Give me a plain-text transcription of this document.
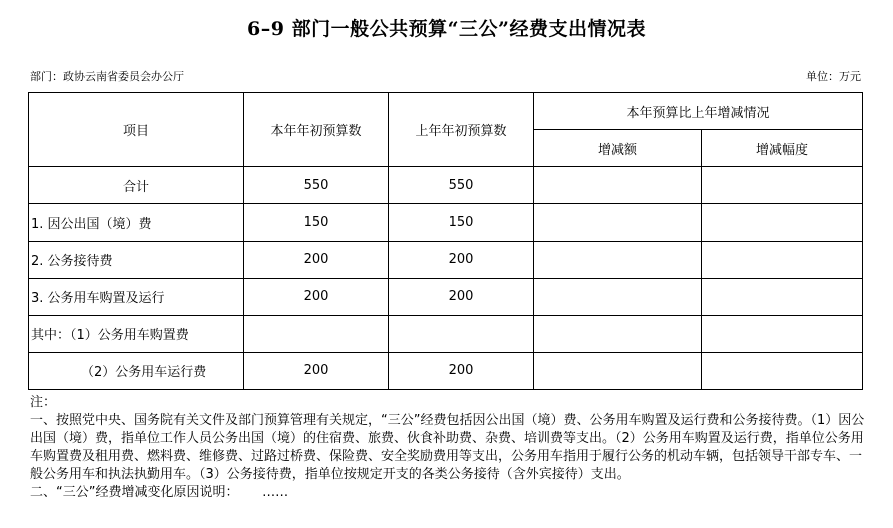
6–9 部门一般公共预算“三公”经费支出情况表
部门：政协云南省委员会办公厅	单位：万元
项目	本年年初预算数	上年年初预算数	本年预算比上年增减情况	
			增减额	增减幅度
合计	550	550		
1. 因公出国（境）费	150	150		
2. 公务接待费	200	200		
3. 公务用车购置及运行	200	200		
其中：（1）公务用车购置费				
（2）公务用车运行费	200	200		

注：

一、按照党中央、国务院有关文件及部门预算管理有关规定，“三公”经费包括因公出国（境）费、公务用车购置及运行费和公务接待费。（1）因公出国（境）费，指单位工作人员公务出国（境）的住宿费、旅费、伙食补助费、杂费、培训费等支出。（2）公务用车购置及运行费，指单位公务用车购置费及租用费、燃料费、维修费、过路过桥费、保险费、安全奖励费用等支出，公务用车指用于履行公务的机动车辆，包括领导干部专车、一般公务用车和执法执勤用车。（3）公务接待费，指单位按规定开支的各类公务接待（含外宾接待）支出。

二、“三公”经费增减变化原因说明：　　 ……
